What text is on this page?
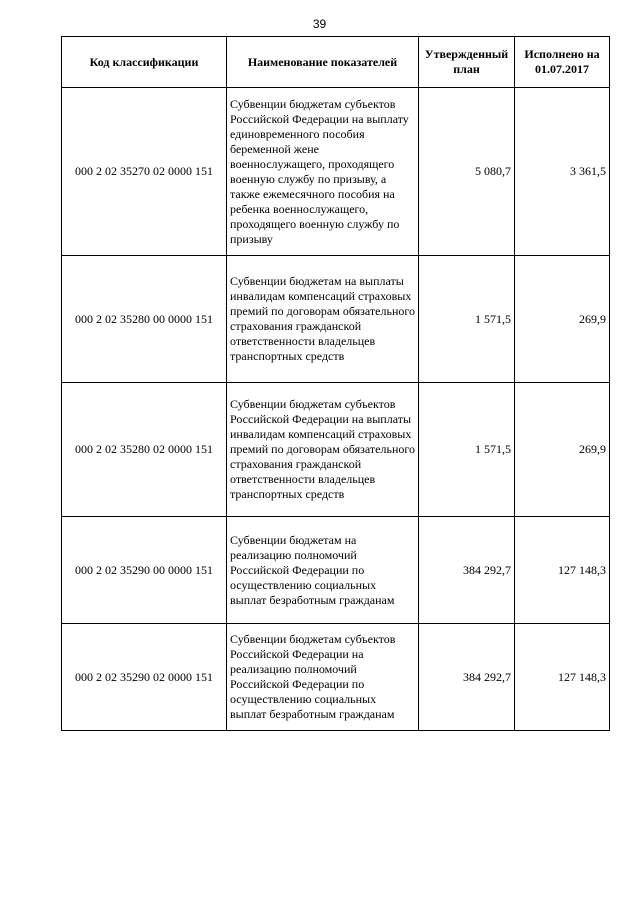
39
Код классификации	Наименование показателей	Утвержденный план	Исполнено на 01.07.2017
000 2 02 35270 02 0000 151	Субвенции бюджетам субъектов Российской Федерации на выплату единовременного пособия беременной жене военнослужащего, проходящего военную службу по призыву, а также ежемесячного пособия на ребенка военнослужащего, проходящего военную службу по призыву	5 080,7	3 361,5
000 2 02 35280 00 0000 151	Субвенции бюджетам на выплаты инвалидам компенсаций страховых премий по договорам обязательного страхования гражданской ответственности владельцев транспортных средств	1 571,5	269,9
000 2 02 35280 02 0000 151	Субвенции бюджетам субъектов Российской Федерации на выплаты инвалидам компенсаций страховых премий по договорам обязательного страхования гражданской ответственности владельцев транспортных средств	1 571,5	269,9
000 2 02 35290 00 0000 151	Субвенции бюджетам на реализацию полномочий Российской Федерации по осуществлению социальных выплат безработным гражданам	384 292,7	127 148,3
000 2 02 35290 02 0000 151	Субвенции бюджетам субъектов Российской Федерации на реализацию полномочий Российской Федерации по осуществлению социальных выплат безработным гражданам	384 292,7	127 148,3
